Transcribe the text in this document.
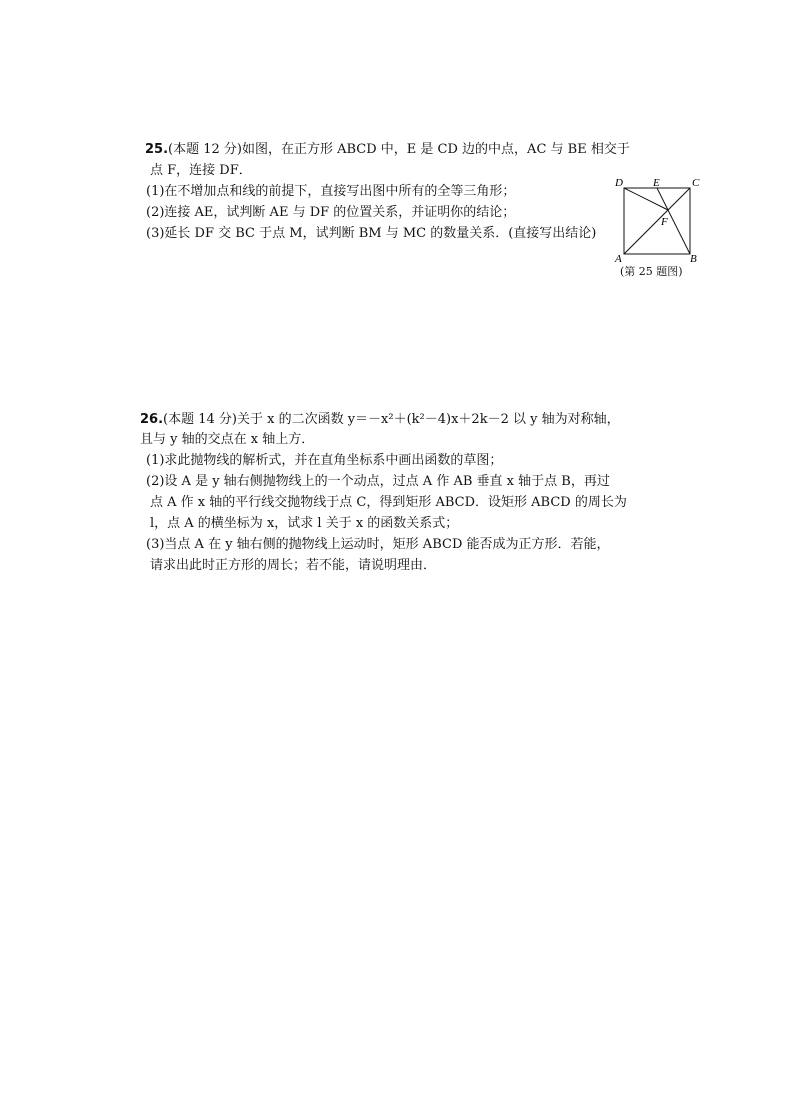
25.(本题 12 分)如图，在正方形 ABCD 中，E 是 CD 边的中点，AC 与 BE 相交于
点 F，连接 DF．
(1)在不增加点和线的前提下，直接写出图中所有的全等三角形；
(2)连接 AE，试判断 AE 与 DF 的位置关系，并证明你的结论；
(3)延长 DF 交 BC 于点 M，试判断 BM 与 MC 的数量关系．(直接写出结论)
D	E	C
F
A	B
(第 25 题图)
26.(本题 14 分)关于 x 的二次函数 y＝－x²＋(k²－4)x＋2k－2 以 y 轴为对称轴，
且与 y 轴的交点在 x 轴上方．
(1)求此抛物线的解析式，并在直角坐标系中画出函数的草图；
(2)设 A 是 y 轴右侧抛物线上的一个动点，过点 A 作 AB 垂直 x 轴于点 B，再过
点 A 作 x 轴的平行线交抛物线于点 C，得到矩形 ABCD．设矩形 ABCD 的周长为
l，点 A 的横坐标为 x，试求 l 关于 x 的函数关系式；
(3)当点 A 在 y 轴右侧的抛物线上运动时，矩形 ABCD 能否成为正方形．若能，
请求出此时正方形的周长；若不能，请说明理由．
